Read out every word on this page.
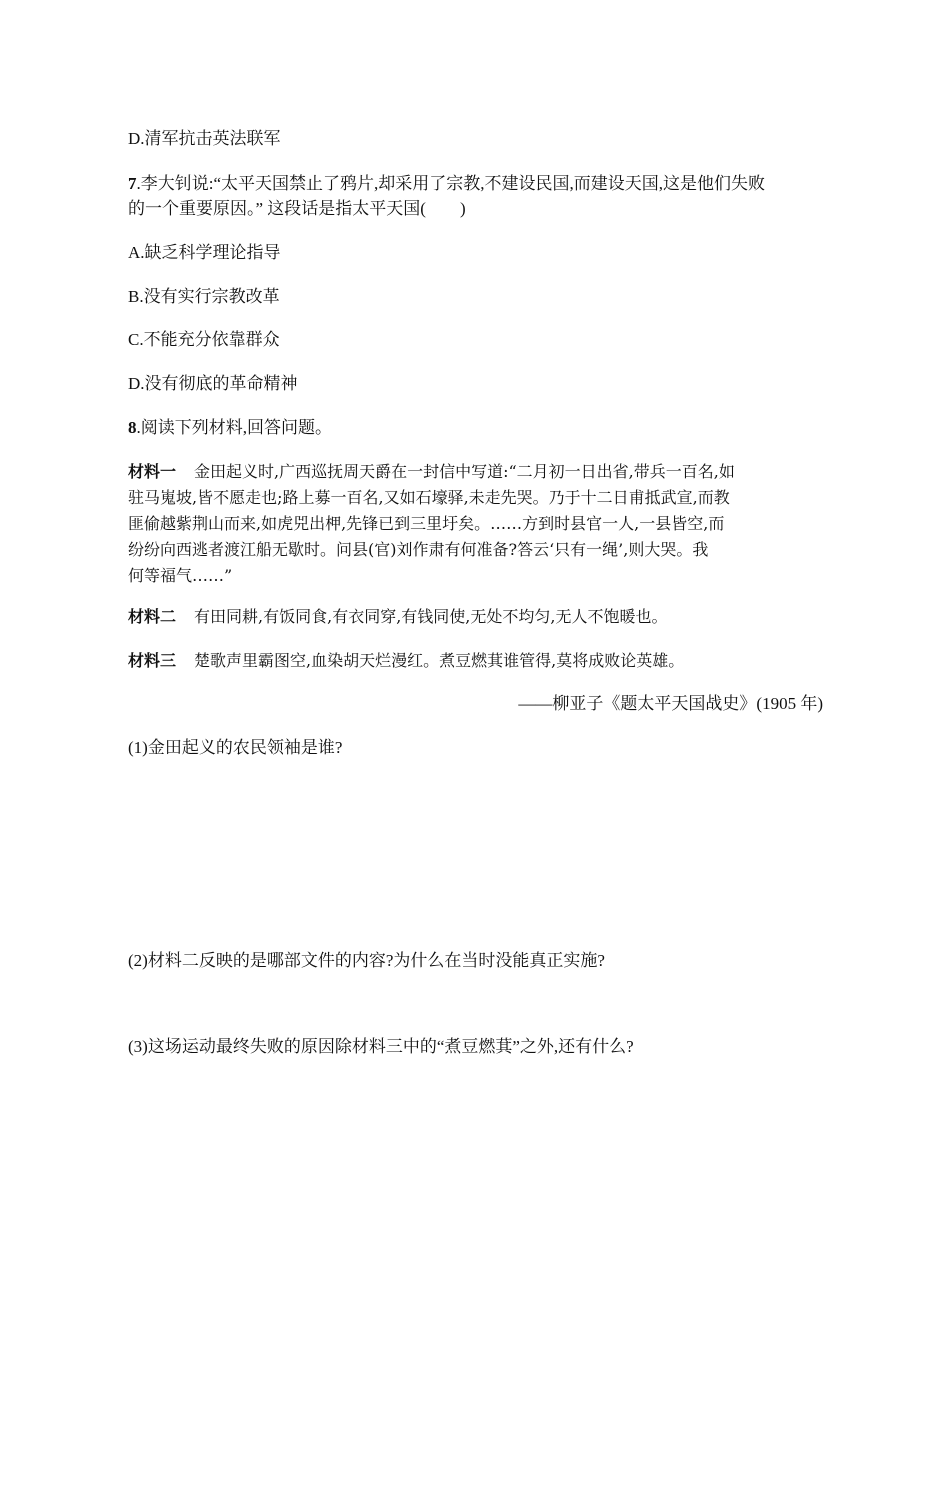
D.清军抗击英法联军
7.李大钊说:“太平天国禁止了鸦片,却采用了宗教,不建设民国,而建设天国,这是他们失败
的一个重要原因。” 这段话是指太平天国(　　)
A.缺乏科学理论指导
B.没有实行宗教改革
C.不能充分依靠群众
D.没有彻底的革命精神
8.阅读下列材料,回答问题。
材料一 金田起义时,广西巡抚周天爵在一封信中写道:“二月初一日出省,带兵一百名,如
驻马嵬坡,皆不愿走也;路上募一百名,又如石壕驿,未走先哭。乃于十二日甫抵武宣,而教
匪偷越紫荆山而来,如虎兕出柙,先锋已到三里圩矣。……方到时县官一人,一县皆空,而
纷纷向西逃者渡江船无歇时。问县(官)刘作肃有何准备?答云‘只有一绳’,则大哭。我
何等福气……”
材料二 有田同耕,有饭同食,有衣同穿,有钱同使,无处不均匀,无人不饱暖也。
材料三 楚歌声里霸图空,血染胡天烂漫红。煮豆燃萁谁管得,莫将成败论英雄。
——柳亚子《题太平天国战史》(1905 年)
(1)金田起义的农民领袖是谁?
(2)材料二反映的是哪部文件的内容?为什么在当时没能真正实施?
(3)这场运动最终失败的原因除材料三中的“煮豆燃萁”之外,还有什么?
